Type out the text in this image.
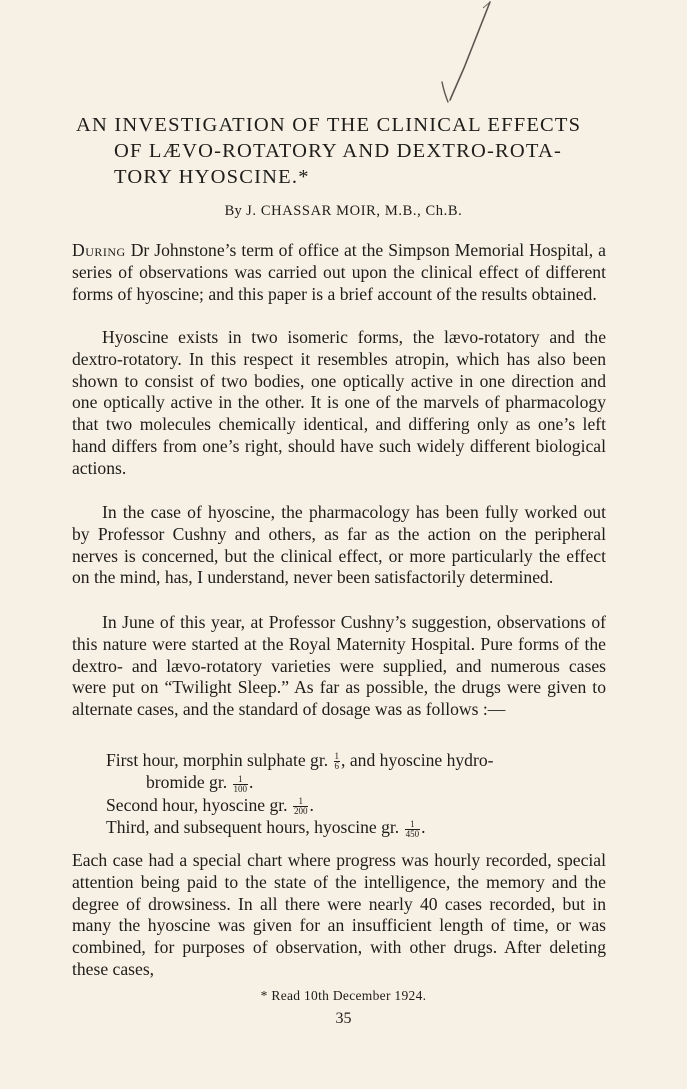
AN INVESTIGATION OF THE CLINICAL EFFECTS
OF LÆVO-ROTATORY AND DEXTRO-ROTA-
TORY HYOSCINE.*
By J. CHASSAR MOIR, M.B., Ch.B.

During Dr Johnstone’s term of office at the Simpson Memorial Hospital, a series of observations was carried out upon the clinical effect of different forms of hyoscine; and this paper is a brief account of the results obtained.

Hyoscine exists in two isomeric forms, the lævo-rotatory and the dextro-rotatory. In this respect it resembles atropin, which has also been shown to consist of two bodies, one optically active in one direction and one optically active in the other. It is one of the marvels of pharmacology that two molecules chemically identical, and differing only as one’s left hand differs from one’s right, should have such widely different biological actions.

In the case of hyoscine, the pharmacology has been fully worked out by Professor Cushny and others, as far as the action on the peripheral nerves is concerned, but the clinical effect, or more particularly the effect on the mind, has, I understand, never been satisfactorily determined.

In June of this year, at Professor Cushny’s suggestion, observations of this nature were started at the Royal Maternity Hospital. Pure forms of the dextro- and lævo-rotatory varieties were supplied, and numerous cases were put on “Twilight Sleep.” As far as possible, the drugs were given to alternate cases, and the standard of dosage was as follows :—

First hour, morphin sulphate gr. $\frac{1}{6}$ , and hyoscine hydro-
bromide gr. $\frac{1}{100}$ .
Second hour, hyoscine gr. $\frac{1}{200}$ .
Third, and subsequent hours, hyoscine gr. $\frac{1}{450}$ .

Each case had a special chart where progress was hourly recorded, special attention being paid to the state of the intelligence, the memory and the degree of drowsiness. In all there were nearly 40 cases recorded, but in many the hyoscine was given for an insufficient length of time, or was combined, for purposes of observation, with other drugs. After deleting these cases,

* Read 10th December 1924.
35
